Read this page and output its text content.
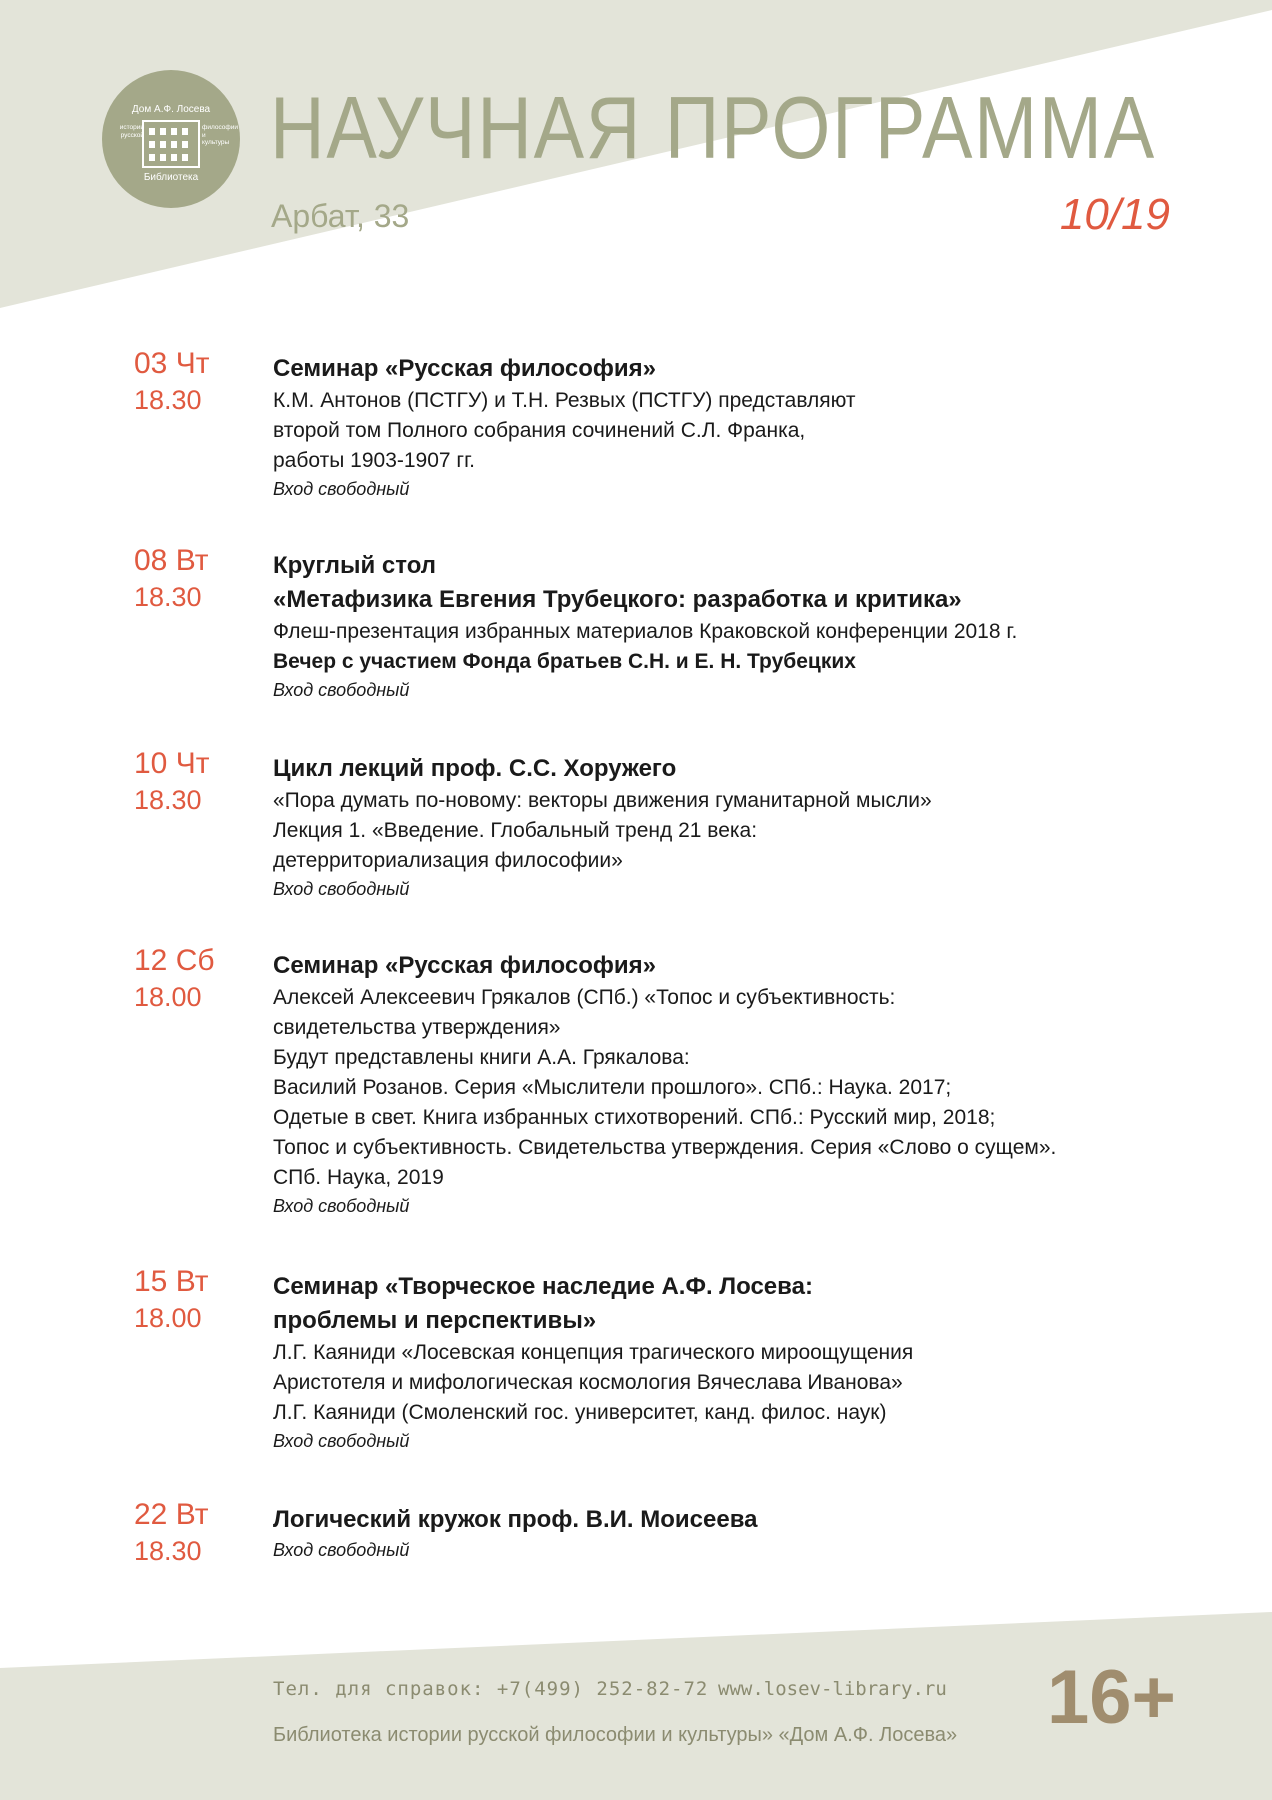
Дом А.Ф. Лосева
истории русской
философии и культуры
Библиотека
НАУЧНАЯ ПРОГРАММА
Арбат, 33	10/19
03 Чт
18.30
Семинар «Русская философия»
К.М. Антонов (ПСТГУ) и Т.Н. Резвых (ПСТГУ) представляют
второй том Полного собрания сочинений С.Л. Франка,
работы 1903-1907 гг.
Вход свободный
08 Вт
18.30
Круглый стол
«Метафизика Евгения Трубецкого: разработка и критика»
Флеш-презентация избранных материалов Краковской конференции 2018 г.
Вечер с участием Фонда братьев С.Н. и Е. Н. Трубецких
Вход свободный
10 Чт
18.30
Цикл лекций проф. С.С. Хоружего
«Пора думать по-новому: векторы движения гуманитарной мысли»
Лекция 1. «Введение. Глобальный тренд 21 века:
детерриториализация философии»
Вход свободный
12 Сб
18.00
Семинар «Русская философия»
Алексей Алексеевич Грякалов (СПб.) «Топос и субъективность:
свидетельства утверждения»
Будут представлены книги А.А. Грякалова:
Василий Розанов. Серия «Мыслители прошлого». СПб.: Наука. 2017;
Одетые в свет. Книга избранных стихотворений. СПб.: Русский мир, 2018;
Топос и субъективность. Свидетельства утверждения. Серия «Слово о сущем».
СПб. Наука, 2019
Вход свободный
15 Вт
18.00
Семинар «Творческое наследие А.Ф. Лосева:
проблемы и перспективы»
Л.Г. Каяниди «Лосевская концепция трагического мироощущения
Аристотеля и мифологическая космология Вячеслава Иванова»
Л.Г. Каяниди (Смоленский гос. университет, канд. филос. наук)
Вход свободный
22 Вт
18.30
Логический кружок проф. В.И. Моисеева
Вход свободный
Тел. для справок: +7(499) 252-82-72 www.losev-library.ru
Библиотека истории русской философии и культуры» «Дом А.Ф. Лосева» 16+
